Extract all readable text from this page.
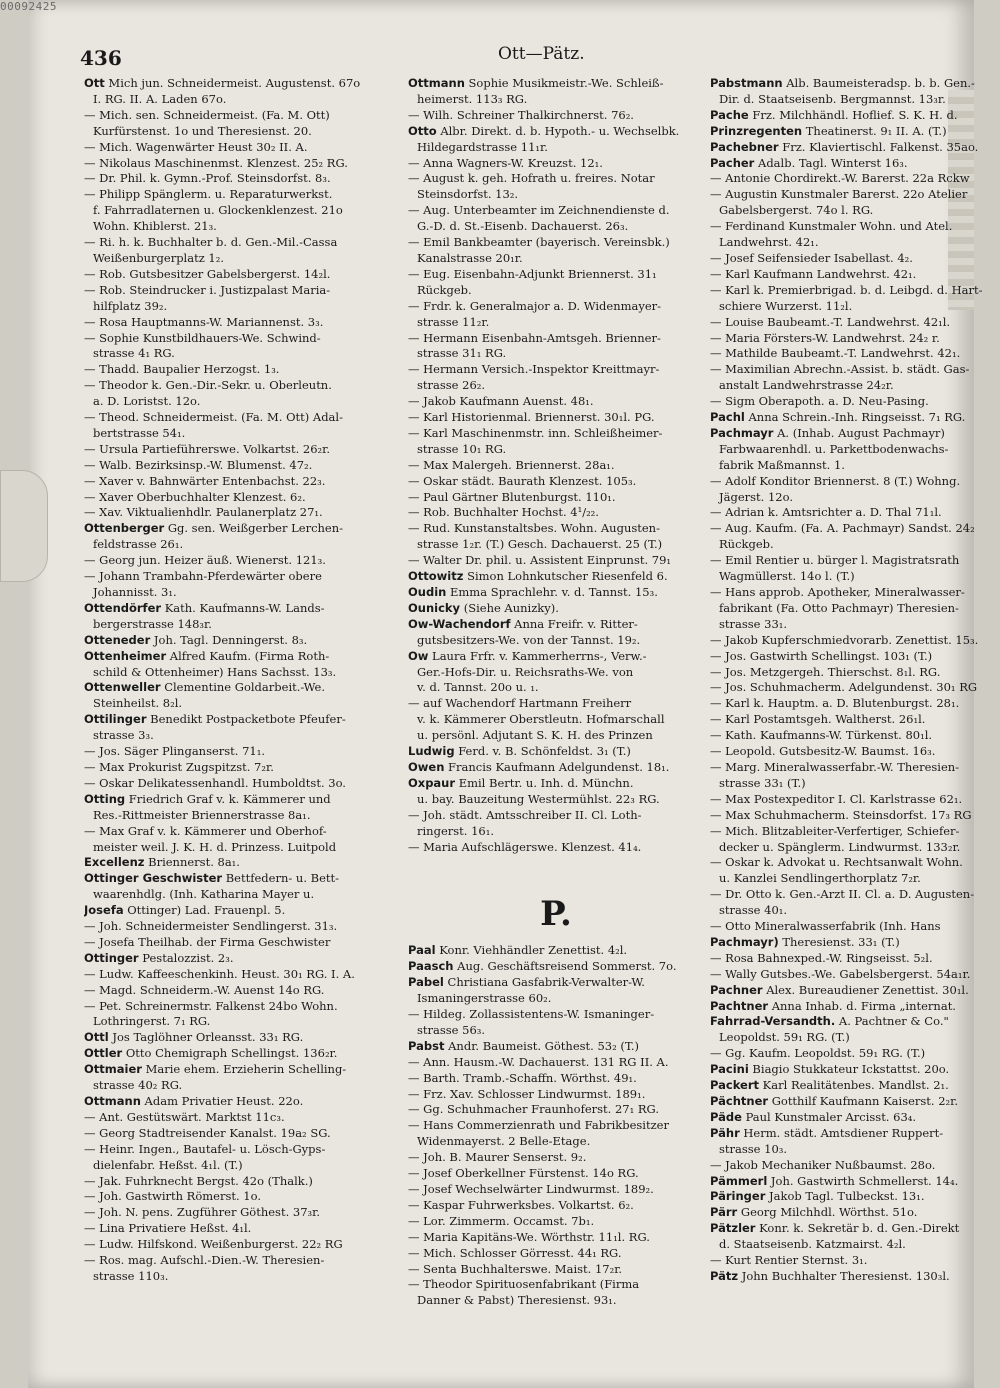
436	Ott—Pätz.
Ott Mich jun. Schneidermeist. Augustenst. 67o
I. RG. II. A. Laden 67o.
— Mich. sen. Schneidermeist. (Fa. M. Ott)
Kurfürstenst. 1o und Theresienst. 20.
— Mich. Wagenwärter Heust 30₂ II. A.
— Nikolaus Maschinenmst. Klenzest. 25₂ RG.
— Dr. Phil. k. Gymn.-Prof. Steinsdorfst. 8₃.
— Philipp Spänglerm. u. Reparaturwerkst.
f. Fahrradlaternen u. Glockenklenzest. 21o
Wohn. Khiblerst. 21₃.
— Ri. h. k. Buchhalter b. d. Gen.-Mil.-Cassa
Weißenburgerplatz 1₂.
— Rob. Gutsbesitzer Gabelsbergerst. 14₂l.
— Rob. Steindrucker i. Justizpalast Maria-
hilfplatz 39₂.
— Rosa Hauptmanns-W. Mariannenst. 3₃.
— Sophie Kunstbildhauers-We. Schwind-
strasse 4₁ RG.
— Thadd. Baupalier Herzogst. 1₃.
— Theodor k. Gen.-Dir.-Sekr. u. Oberleutn.
a. D. Loristst. 12o.
— Theod. Schneidermeist. (Fa. M. Ott) Adal-
bertstrasse 54₁.
— Ursula Partieführerswe. Volkartst. 26₂r.
— Walb. Bezirksinsp.-W. Blumenst. 47₂.
— Xaver v. Bahnwärter Entenbachst. 22₃.
— Xaver Oberbuchhalter Klenzest. 6₂.
— Xav. Viktualienhdlr. Paulanerplatz 27₁.
Ottenberger Gg. sen. Weißgerber Lerchen-
feldstrasse 26₁.
— Georg jun. Heizer äuß. Wienerst. 121₃.
— Johann Trambahn-Pferdewärter obere
Johannisst. 3₁.
Ottendörfer Kath. Kaufmanns-W. Lands-
bergerstrasse 148₃r.
Otteneder Joh. Tagl. Denningerst. 8₃.
Ottenheimer Alfred Kaufm. (Firma Roth-
schild & Ottenheimer) Hans Sachsst. 13₃.
Ottenweller Clementine Goldarbeit.-We.
Steinheilst. 8₂l.
Ottilinger Benedikt Postpacketbote Pfeufer-
strasse 3₃.
— Jos. Säger Plinganserst. 71₁.
— Max Prokurist Zugspitzst. 7₂r.
— Oskar Delikatessenhandl. Humboldtst. 3o.
Otting Friedrich Graf v. k. Kämmerer und
Res.-Rittmeister Briennerstrasse 8a₁.
— Max Graf v. k. Kämmerer und Oberhof-
meister weil. J. K. H. d. Prinzess. Luitpold
Excellenz Briennerst. 8a₁.
Ottinger Geschwister Bettfedern- u. Bett-
waarenhdlg. (Inh. Katharina Mayer u.
Josefa Ottinger) Lad. Frauenpl. 5.
— Joh. Schneidermeister Sendlingerst. 31₃.
— Josefa Theilhab. der Firma Geschwister
Ottinger Pestalozzist. 2₃.
— Ludw. Kaffeeschenkinh. Heust. 30₁ RG. I. A.
— Magd. Schneiderm.-W. Auenst 14o RG.
— Pet. Schreinermstr. Falkenst 24bo Wohn.
Lothringerst. 7₁ RG.
Ottl Jos Taglöhner Orleansst. 33₁ RG.
Ottler Otto Chemigraph Schellingst. 136₂r.
Ottmaier Marie ehem. Erzieherin Schelling-
strasse 40₂ RG.
Ottmann Adam Privatier Heust. 22o.
— Ant. Gestütswärt. Marktst 11c₃.
— Georg Stadtreisender Kanalst. 19a₂ SG.
— Heinr. Ingen., Bautafel- u. Lösch-Gyps-
dielenfabr. Heßst. 4₁l. (T.)
— Jak. Fuhrknecht Bergst. 42o (Thalk.)
— Joh. Gastwirth Römerst. 1o.
— Joh. N. pens. Zugführer Göthest. 37₃r.
— Lina Privatiere Heßst. 4₁l.
— Ludw. Hilfskond. Weißenburgerst. 22₂ RG
— Ros. mag. Aufschl.-Dien.-W. Theresien-
strasse 110₃.
Ottmann Sophie Musikmeistr.-We. Schleiß-
heimerst. 113₃ RG.
— Wilh. Schreiner Thalkirchnerst. 76₂.
Otto Albr. Direkt. d. b. Hypoth.- u. Wechselbk.
Hildegardstrasse 11₁r.
— Anna Wagners-W. Kreuzst. 12₁.
— August k. geh. Hofrath u. freires. Notar
Steinsdorfst. 13₂.
— Aug. Unterbeamter im Zeichnendienste d.
G.-D. d. St.-Eisenb. Dachauerst. 26₃.
— Emil Bankbeamter (bayerisch. Vereinsbk.)
Kanalstrasse 20₁r.
— Eug. Eisenbahn-Adjunkt Briennerst. 31₁
Rückgeb.
— Frdr. k. Generalmajor a. D. Widenmayer-
strasse 11₂r.
— Hermann Eisenbahn-Amtsgeh. Brienner-
strasse 31₁ RG.
— Hermann Versich.-Inspektor Kreittmayr-
strasse 26₂.
— Jakob Kaufmann Auenst. 48₁.
— Karl Historienmal. Briennerst. 30₁l. PG.
— Karl Maschinenmstr. inn. Schleißheimer-
strasse 10₁ RG.
— Max Malergeh. Briennerst. 28a₁.
— Oskar städt. Baurath Klenzest. 105₃.
— Paul Gärtner Blutenburgst. 110₁.
— Rob. Buchhalter Hochst. 4¹/₂₂.
— Rud. Kunstanstaltsbes. Wohn. Augusten-
strasse 1₂r. (T.) Gesch. Dachauerst. 25 (T.)
— Walter Dr. phil. u. Assistent Einprunst. 79₁
Ottowitz Simon Lohnkutscher Riesenfeld 6.
Oudin Emma Sprachlehr. v. d. Tannst. 15₃.
Ounicky (Siehe Aunizky).
Ow-Wachendorf Anna Freifr. v. Ritter-
gutsbesitzers-We. von der Tannst. 19₂.
Ow Laura Frfr. v. Kammerherrns-, Verw.-
Ger.-Hofs-Dir. u. Reichsraths-We. von
v. d. Tannst. 20o u. ₁.
— auf Wachendorf Hartmann Freiherr
v. k. Kämmerer Oberstleutn. Hofmarschall
u. persönl. Adjutant S. K. H. des Prinzen
Ludwig Ferd. v. B. Schönfeldst. 3₁ (T.)
Owen Francis Kaufmann Adelgundenst. 18₁.
Oxpaur Emil Bertr. u. Inh. d. Münchn.
u. bay. Bauzeitung Westermühlst. 22₃ RG.
— Joh. städt. Amtsschreiber II. Cl. Loth-
ringerst. 16₁.
— Maria Aufschlägerswe. Klenzest. 41₄.
P.
Paal Konr. Viehhändler Zenettist. 4₂l.
Paasch Aug. Geschäftsreisend Sommerst. 7o.
Pabel Christiana Gasfabrik-Verwalter-W.
Ismaningerstrasse 60₂.
— Hildeg. Zollassistentens-W. Ismaninger-
strasse 56₃.
Pabst Andr. Baumeist. Göthest. 53₂ (T.)
— Ann. Hausm.-W. Dachauerst. 131 RG II. A.
— Barth. Tramb.-Schaffn. Wörthst. 49₁.
— Frz. Xav. Schlosser Lindwurmst. 189₁.
— Gg. Schuhmacher Fraunhoferst. 27₁ RG.
— Hans Commerzienrath und Fabrikbesitzer
Widenmayerst. 2 Belle-Etage.
— Joh. B. Maurer Senserst. 9₂.
— Josef Oberkellner Fürstenst. 14o RG.
— Josef Wechselwärter Lindwurmst. 189₂.
— Kaspar Fuhrwerksbes. Volkartst. 6₂.
— Lor. Zimmerm. Occamst. 7b₁.
— Maria Kapitäns-We. Wörthstr. 11₁l. RG.
— Mich. Schlosser Görresst. 44₁ RG.
— Senta Buchhalterswe. Maist. 17₂r.
— Theodor Spirituosenfabrikant (Firma
Danner & Pabst) Theresienst. 93₁.
Pabstmann Alb. Baumeisteradsp. b. b. Gen.-
Dir. d. Staatseisenb. Bergmannst. 13₃r.
Pache Frz. Milchhändl. Hoflief. S. K. H. d.
Prinzregenten Theatinerst. 9₁ II. A. (T.)
Pachebner Frz. Klaviertischl. Falkenst. 35ao.
Pacher Adalb. Tagl. Winterst 16₃.
— Antonie Chordirekt.-W. Barerst. 22a Rckw
— Augustin Kunstmaler Barerst. 22o Atelier
Gabelsbergerst. 74o l. RG.
— Ferdinand Kunstmaler Wohn. und Atel.
Landwehrst. 42₁.
— Josef Seifensieder Isabellast. 4₂.
— Karl Kaufmann Landwehrst. 42₁.
— Karl k. Premierbrigad. b. d. Leibgd. d. Hart-
schiere Wurzerst. 11₂l.
— Louise Baubeamt.-T. Landwehrst. 42₁l.
— Maria Försters-W. Landwehrst. 24₂ r.
— Mathilde Baubeamt.-T. Landwehrst. 42₁.
— Maximilian Abrechn.-Assist. b. städt. Gas-
anstalt Landwehrstrasse 24₂r.
— Sigm Oberapoth. a. D. Neu-Pasing.
Pachl Anna Schrein.-Inh. Ringseisst. 7₁ RG.
Pachmayr A. (Inhab. August Pachmayr)
Farbwaarenhdl. u. Parkettbodenwachs-
fabrik Maßmannst. 1.
— Adolf Konditor Briennerst. 8 (T.) Wohng.
Jägerst. 12o.
— Adrian k. Amtsrichter a. D. Thal 71₁l.
— Aug. Kaufm. (Fa. A. Pachmayr) Sandst. 24₂
Rückgeb.
— Emil Rentier u. bürger l. Magistratsrath
Wagmüllerst. 14o l. (T.)
— Hans approb. Apotheker, Mineralwasser-
fabrikant (Fa. Otto Pachmayr) Theresien-
strasse 33₁.
— Jakob Kupferschmiedvorarb. Zenettist. 15₃.
— Jos. Gastwirth Schellingst. 103₁ (T.)
— Jos. Metzgergeh. Thierschst. 8₁l. RG.
— Jos. Schuhmacherm. Adelgundenst. 30₁ RG
— Karl k. Hauptm. a. D. Blutenburgst. 28₁.
— Karl Postamtsgeh. Waltherst. 26₁l.
— Kath. Kaufmanns-W. Türkenst. 80₁l.
— Leopold. Gutsbesitz-W. Baumst. 16₃.
— Marg. Mineralwasserfabr.-W. Theresien-
strasse 33₁ (T.)
— Max Postexpeditor I. Cl. Karlstrasse 62₁.
— Max Schuhmacherm. Steinsdorfst. 17₃ RG
— Mich. Blitzableiter-Verfertiger, Schiefer-
decker u. Spänglerm. Lindwurmst. 133₂r.
— Oskar k. Advokat u. Rechtsanwalt Wohn.
u. Kanzlei Sendlingerthorplatz 7₂r.
— Dr. Otto k. Gen.-Arzt II. Cl. a. D. Augusten-
strasse 40₁.
— Otto Mineralwasserfabrik (Inh. Hans
Pachmayr) Theresienst. 33₁ (T.)
— Rosa Bahnexped.-W. Ringseisst. 5₂l.
— Wally Gutsbes.-We. Gabelsbergerst. 54a₁r.
Pachner Alex. Bureaudiener Zenettist. 30₁l.
Pachtner Anna Inhab. d. Firma „internat.
Fahrrad-Versandth. A. Pachtner & Co."
Leopoldst. 59₁ RG. (T.)
— Gg. Kaufm. Leopoldst. 59₁ RG. (T.)
Pacini Biagio Stukkateur Ickstattst. 20o.
Packert Karl Realitätenbes. Mandlst. 2₁.
Pächtner Gotthilf Kaufmann Kaiserst. 2₂r.
Päde Paul Kunstmaler Arcisst. 63₄.
Pähr Herm. städt. Amtsdiener Ruppert-
strasse 10₃.
— Jakob Mechaniker Nußbaumst. 28o.
Pämmerl Joh. Gastwirth Schmellerst. 14₄.
Päringer Jakob Tagl. Tulbeckst. 13₁.
Pärr Georg Milchhdl. Wörthst. 51o.
Pätzler Konr. k. Sekretär b. d. Gen.-Direkt
d. Staatseisenb. Katzmairst. 4₂l.
— Kurt Rentier Sternst. 3₁.
Pätz John Buchhalter Theresienst. 130₃l.
00092425
